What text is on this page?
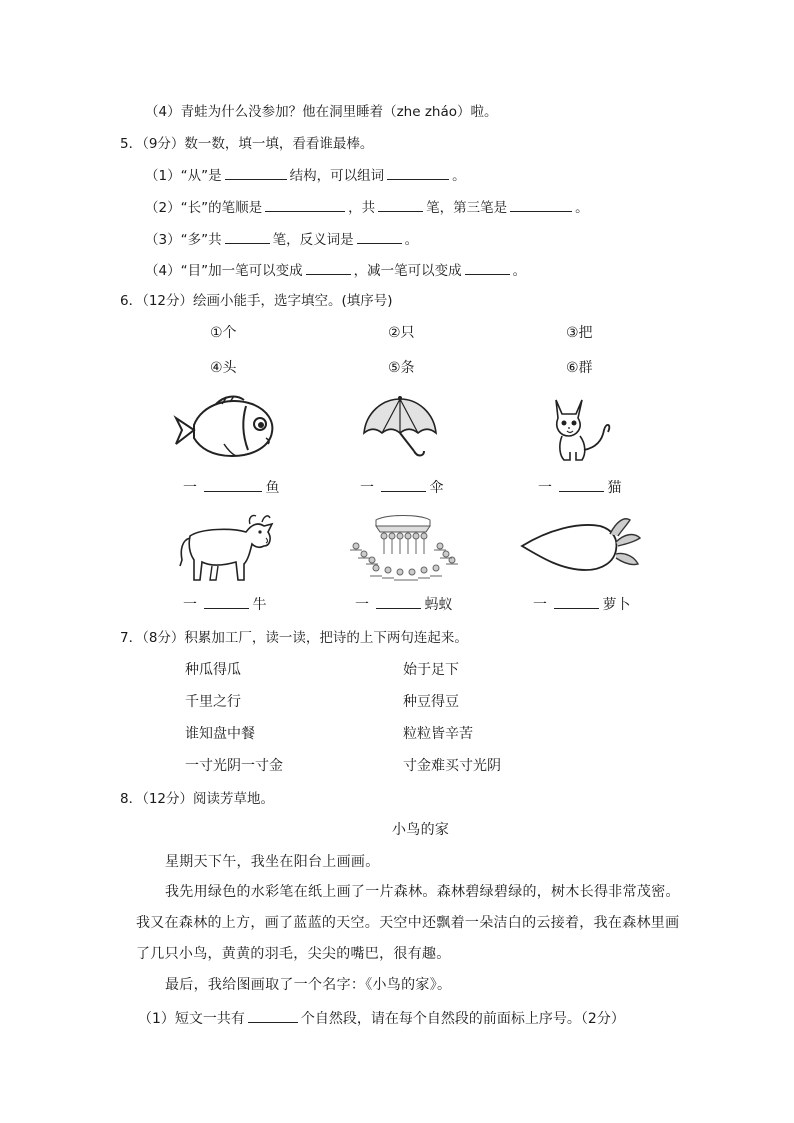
（4）青蛙为什么没参加？他在洞里睡着（zhe zháo）啦。
5．（9分）数一数，填一填，看看谁最棒。
（1）“从”是	结构，可以组词	。
（2）“长”的笔顺是	，共	笔，第三笔是	。
（3）“多”共	笔，反义词是	。
（4）“目”加一笔可以变成	，减一笔可以变成	。
6．（12分）绘画小能手，选字填空。(填序号)
①个	②只	③把
④头	⑤条	⑥群
一	鱼	一	伞	一	猫
一	牛	一	蚂蚁	一	萝卜
7．（8分）积累加工厂，读一读，把诗的上下两句连起来。
种瓜得瓜	始于足下
千里之行	种豆得豆
谁知盘中餐	粒粒皆辛苦
一寸光阴一寸金	寸金难买寸光阴
8．（12分）阅读芳草地。
小鸟的家
星期天下午，我坐在阳台上画画。
我先用绿色的水彩笔在纸上画了一片森林。森林碧绿碧绿的，树木长得非常茂密。
我又在森林的上方，画了蓝蓝的天空。天空中还飘着一朵洁白的云接着，我在森林里画
了几只小鸟，黄黄的羽毛，尖尖的嘴巴，很有趣。
最后，我给图画取了一个名字：《小鸟的家》。
（1）短文一共有	个自然段，请在每个自然段的前面标上序号。（2分）
